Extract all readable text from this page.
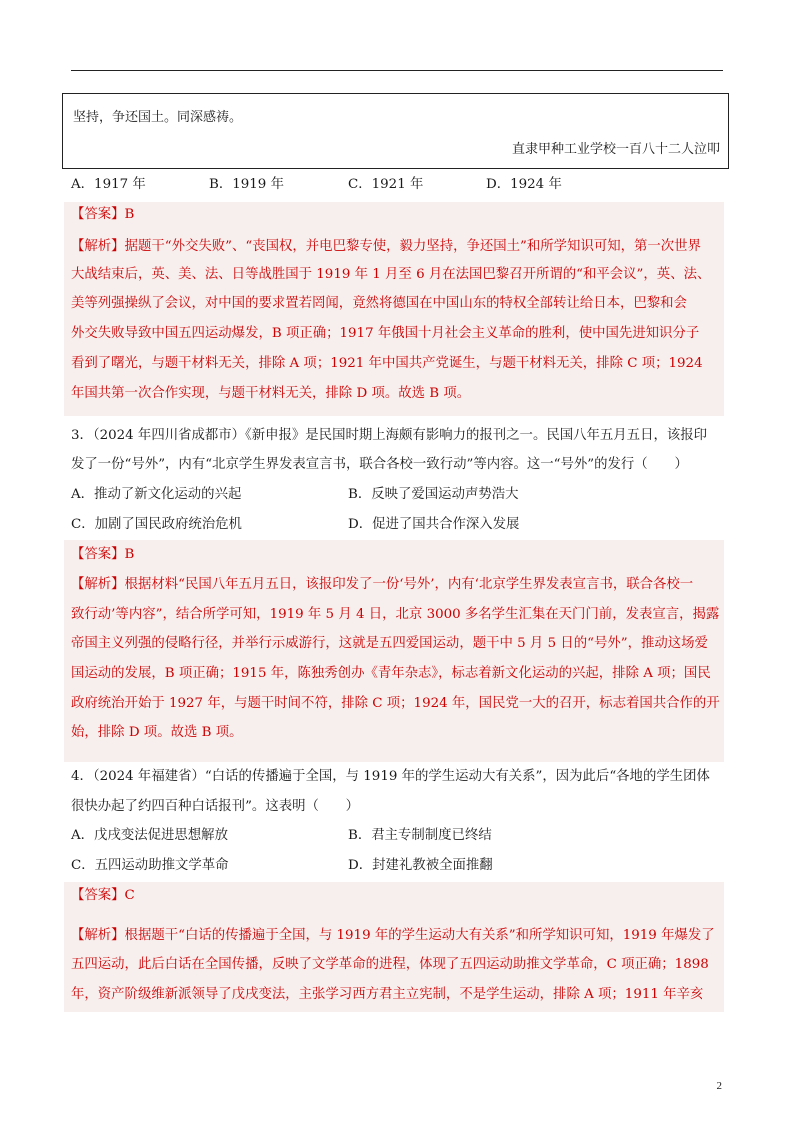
坚持，争还国土。同深感祷。
直隶甲种工业学校一百八十二人泣叩
A．1917 年	B．1919 年	C．1921 年	D．1924 年
【答案】B
【解析】据题干“外交失败”、“丧国权，并电巴黎专使，毅力坚持，争还国土”和所学知识可知，第一次世界
大战结束后，英、美、法、日等战胜国于 1919 年 1 月至 6 月在法国巴黎召开所谓的“和平会议”，英、法、
美等列强操纵了会议，对中国的要求置若罔闻，竟然将德国在中国山东的特权全部转让给日本，巴黎和会
外交失败导致中国五四运动爆发，B 项正确；1917 年俄国十月社会主义革命的胜利，使中国先进知识分子
看到了曙光，与题干材料无关，排除 A 项；1921 年中国共产党诞生，与题干材料无关，排除 C 项；1924
年国共第一次合作实现，与题干材料无关，排除 D 项。故选 B 项。
3．（2024 年四川省成都市）《新申报》是民国时期上海颇有影响力的报刊之一。民国八年五月五日，该报印
发了一份“号外”，内有“北京学生界发表宣言书，联合各校一致行动”等内容。这一“号外”的发行（　　）
A．推动了新文化运动的兴起	B．反映了爱国运动声势浩大
C．加剧了国民政府统治危机	D．促进了国共合作深入发展
【答案】B
【解析】根据材料“民国八年五月五日，该报印发了一份‘号外’，内有‘北京学生界发表宣言书，联合各校一
致行动’等内容”，结合所学可知，1919 年 5 月 4 日，北京 3000 多名学生汇集在天门门前，发表宣言，揭露
帝国主义列强的侵略行径，并举行示威游行，这就是五四爱国运动，题干中 5 月 5 日的“号外”，推动这场爱
国运动的发展，B 项正确；1915 年，陈独秀创办《青年杂志》，标志着新文化运动的兴起，排除 A 项；国民
政府统治开始于 1927 年，与题干时间不符，排除 C 项；1924 年，国民党一大的召开，标志着国共合作的开
始，排除 D 项。故选 B 项。
4．（2024 年福建省）“白话的传播遍于全国，与 1919 年的学生运动大有关系”，因为此后“各地的学生团体
很快办起了约四百种白话报刊”。这表明（　　）
A．戊戌变法促进思想解放	B．君主专制制度已终结
C．五四运动助推文学革命	D．封建礼教被全面推翻
【答案】C
【解析】根据题干“白话的传播遍于全国，与 1919 年的学生运动大有关系”和所学知识可知，1919 年爆发了
五四运动，此后白话在全国传播，反映了文学革命的进程，体现了五四运动助推文学革命，C 项正确；1898
年，资产阶级维新派领导了戊戌变法，主张学习西方君主立宪制，不是学生运动，排除 A 项；1911 年辛亥
2
